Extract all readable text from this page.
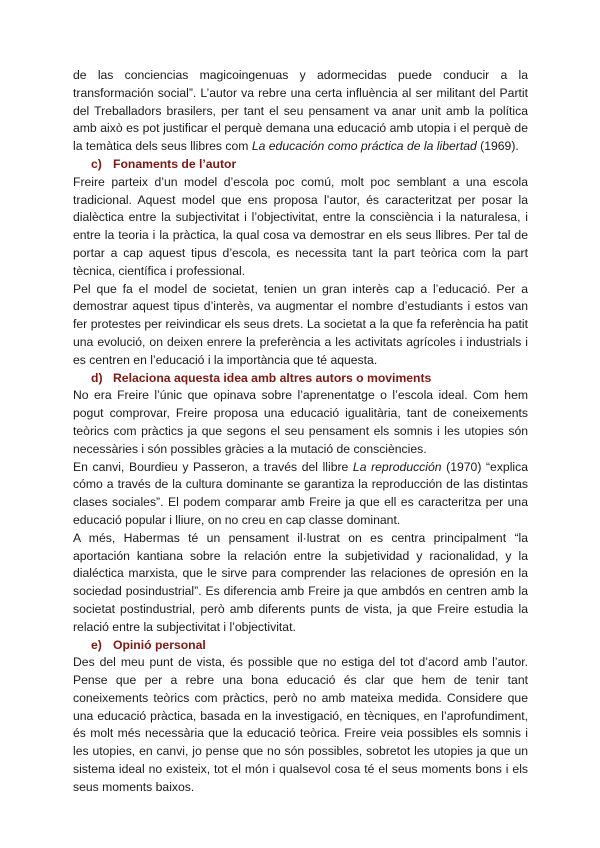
de las conciencias magicoingenuas y adormecidas puede conducir a la transformación social”. L’autor va rebre una certa influència al ser militant del Partit del Treballadors brasilers, per tant el seu pensament va anar unit amb la política amb això es pot justificar el perquè demana una educació amb utopia i el perquè de la temàtica dels seus llibres com La educación como práctica de la libertad (1969).

c) Fonaments de l’autor

Freire parteix d’un model d’escola poc comú, molt poc semblant a una escola tradicional. Aquest model que ens proposa l’autor, és caracteritzat per posar la dialèctica entre la subjectivitat i l’objectivitat, entre la consciència i la naturalesa, i entre la teoria i la pràctica, la qual cosa va demostrar en els seus llibres. Per tal de portar a cap aquest tipus d’escola, es necessita tant la part teòrica com la part tècnica, científica i professional.

Pel que fa el model de societat, tenien un gran interès cap a l’educació. Per a demostrar aquest tipus d’interès, va augmentar el nombre d’estudiants i estos van fer protestes per reivindicar els seus drets. La societat a la que fa referència ha patit una evolució, on deixen enrere la preferència a les activitats agrícoles i industrials i es centren en l’educació i la importància que té aquesta.

d) Relaciona aquesta idea amb altres autors o moviments

No era Freire l’únic que opinava sobre l’aprenentatge o l’escola ideal. Com hem pogut comprovar, Freire proposa una educació igualitària, tant de coneixements teòrics com pràctics ja que segons el seu pensament els somnis i les utopies són necessàries i són possibles gràcies a la mutació de consciències.

En canvi, Bourdieu y Passeron, a través del llibre La reproducción (1970) “explica cómo a través de la cultura dominante se garantiza la reproducción de las distintas clases sociales”. El podem comparar amb Freire ja que ell es caracteritza per una educació popular i lliure, on no creu en cap classe dominant.

A més, Habermas té un pensament il·lustrat on es centra principalment “la aportación kantiana sobre la relación entre la subjetividad y racionalidad, y la dialéctica marxista, que le sirve para comprender las relaciones de opresión en la sociedad posindustrial”. Es diferencia amb Freire ja que ambdós en centren amb la societat postindustrial, però amb diferents punts de vista, ja que Freire estudia la relació entre la subjectivitat i l’objectivitat.

e) Opinió personal

Des del meu punt de vista, és possible que no estiga del tot d’acord amb l’autor. Pense que per a rebre una bona educació és clar que hem de tenir tant coneixements teòrics com pràctics, però no amb mateixa medida. Considere que una educació pràctica, basada en la investigació, en tècniques, en l’aprofundiment, és molt més necessària que la educació teòrica. Freire veia possibles els somnis i les utopies, en canvi, jo pense que no són possibles, sobretot les utopies ja que un sistema ideal no existeix, tot el món i qualsevol cosa té el seus moments bons i els seus moments baixos.
